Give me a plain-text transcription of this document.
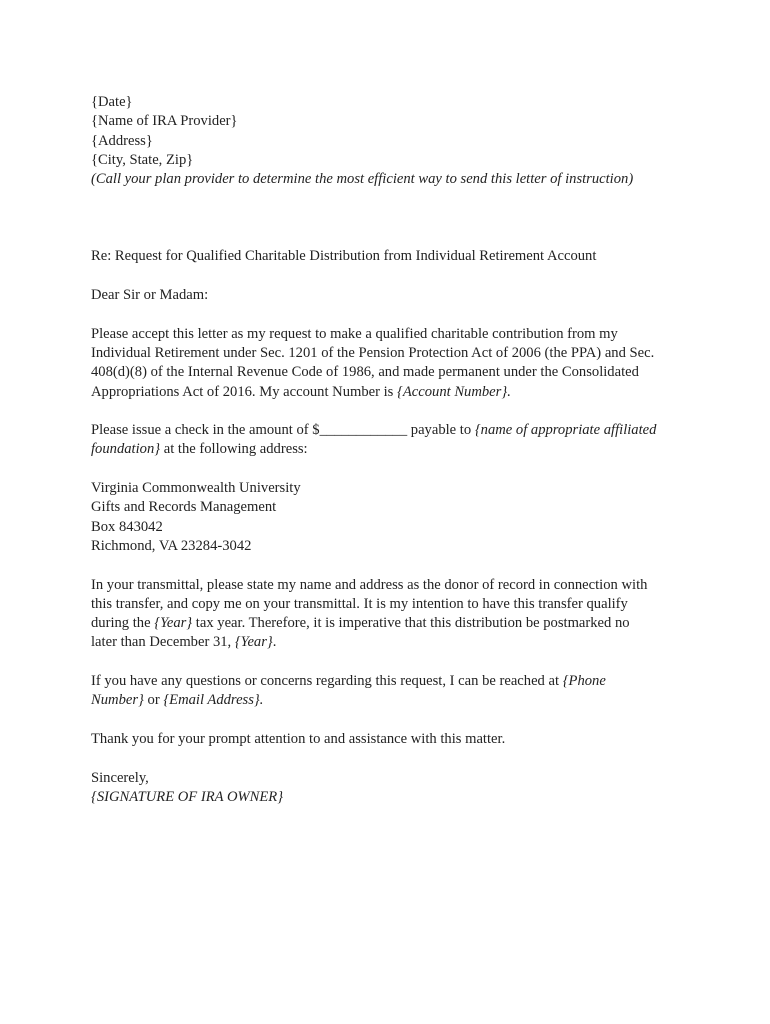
{Date}
{Name of IRA Provider}
{Address}
{City, State, Zip}
(Call your plan provider to determine the most efficient way to send this letter of instruction)

Re: Request for Qualified Charitable Distribution from Individual Retirement Account

Dear Sir or Madam:

Please accept this letter as my request to make a qualified charitable contribution from my
Individual Retirement under Sec. 1201 of the Pension Protection Act of 2006 (the PPA) and Sec.
408(d)(8) of the Internal Revenue Code of 1986, and made permanent under the Consolidated
Appropriations Act of 2016. My account Number is {Account Number}.
Please issue a check in the amount of $____________ payable to {name of appropriate affiliated
foundation} at the following address:
Virginia Commonwealth University
Gifts and Records Management
Box 843042
Richmond, VA 23284-3042
In your transmittal, please state my name and address as the donor of record in connection with
this transfer, and copy me on your transmittal. It is my intention to have this transfer qualify
during the {Year} tax year. Therefore, it is imperative that this distribution be postmarked no
later than December 31, {Year}.
If you have any questions or concerns regarding this request, I can be reached at {Phone
Number} or {Email Address}.

Thank you for your prompt attention to and assistance with this matter.

Sincerely,
{SIGNATURE OF IRA OWNER}
